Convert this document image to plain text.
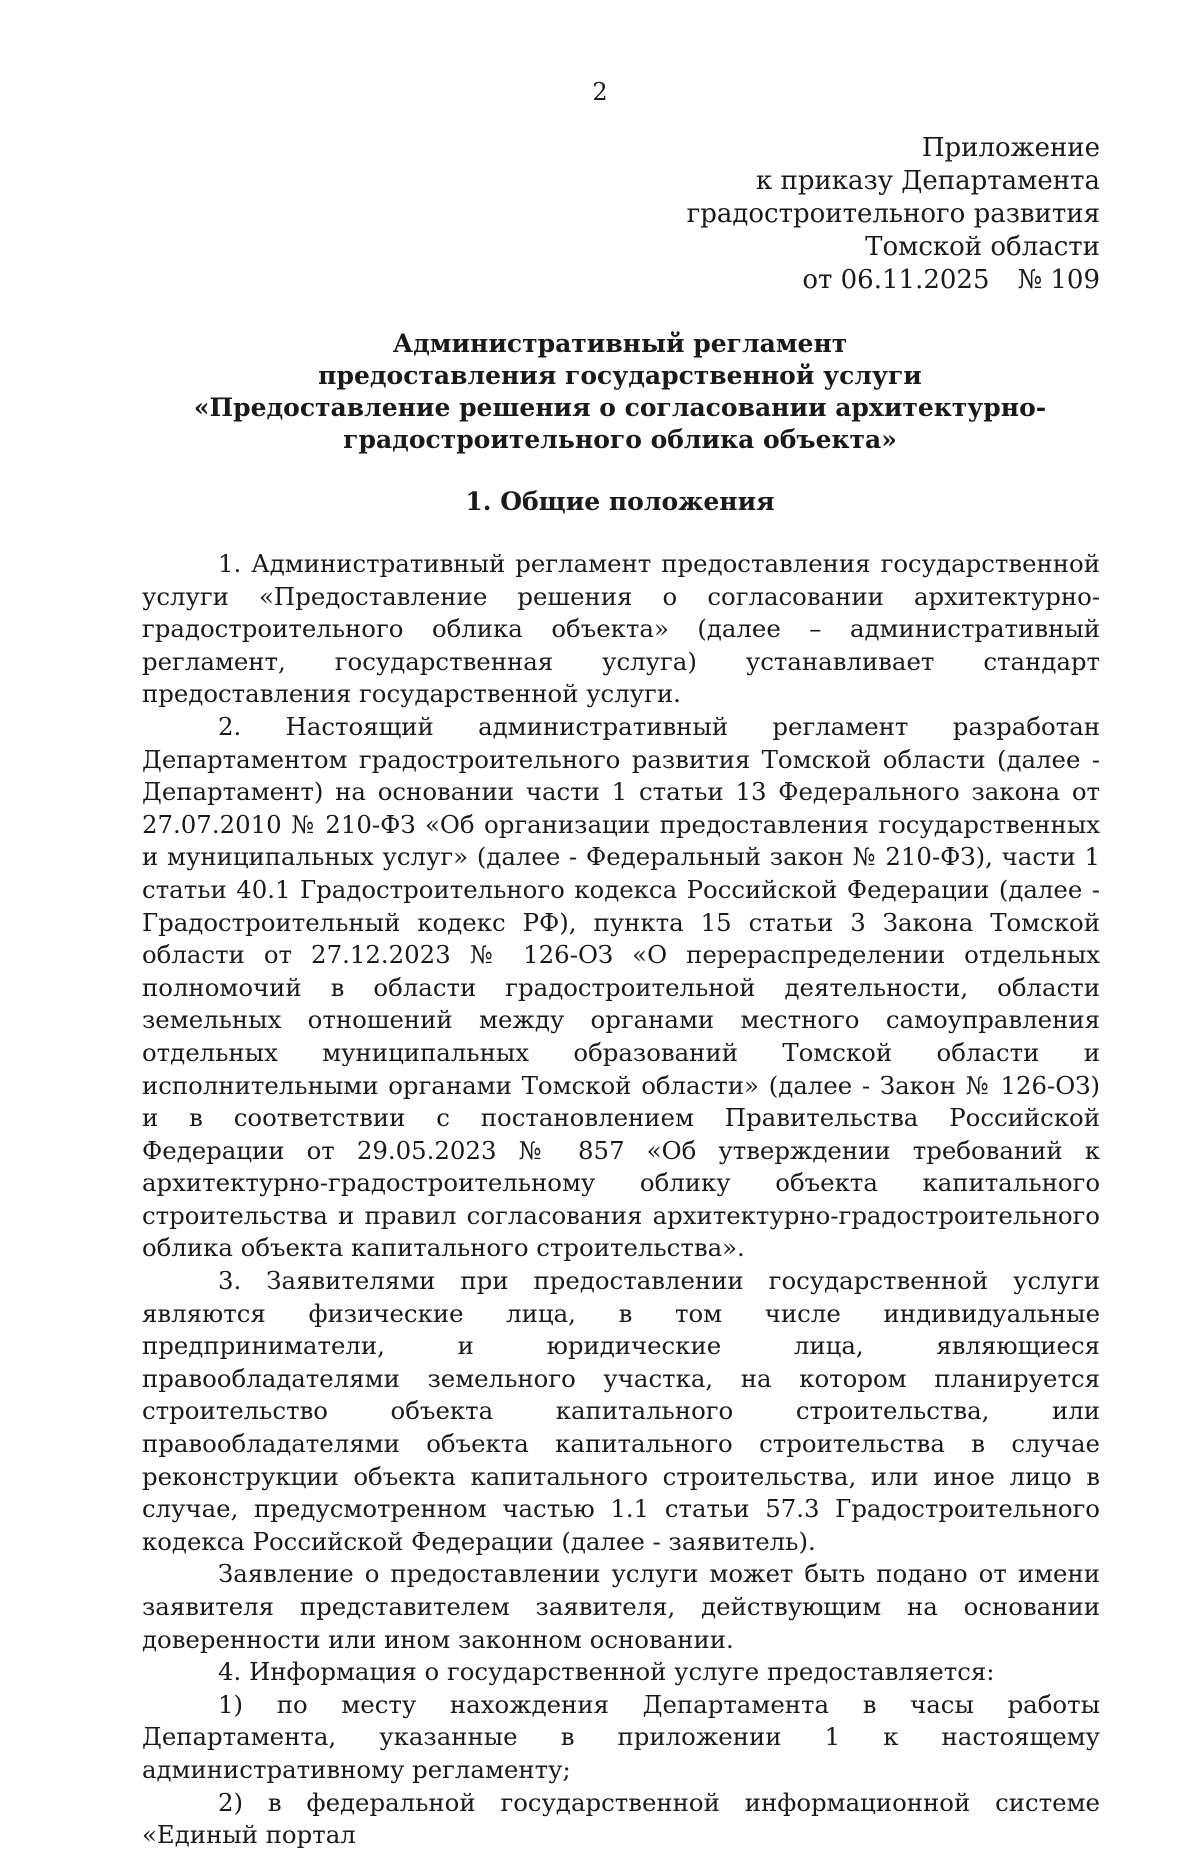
2
Приложение
к приказу Департамента
градостроительного развития
Томской области
от 06.11.2025 № 109
Административный регламент
предоставления государственной услуги
«Предоставление решения о согласовании архитектурно-
градостроительного облика объекта»
1. Общие положения

1. Административный регламент предоставления государственной услуги «Предоставление решения о согласовании архитектурно-градостроительного облика объекта» (далее – административный регламент, государственная услуга) устанавливает стандарт предоставления государственной услуги.

2. Настоящий административный регламент разработан Департаментом градостроительного развития Томской области (далее - Департамент) на основании части 1 статьи 13 Федерального закона от 27.07.2010 № 210-ФЗ «Об организации предоставления государственных и муниципальных услуг» (далее - Федеральный закон № 210-ФЗ), части 1 статьи 40.1 Градостроительного кодекса Российской Федерации (далее - Градостроительный кодекс РФ), пункта 15 статьи 3 Закона Томской области от 27.12.2023 № 126-ОЗ «О перераспределении отдельных полномочий в области градостроительной деятельности, области земельных отношений между органами местного самоуправления отдельных муниципальных образований Томской области и исполнительными органами Томской области» (далее - Закон № 126-ОЗ) и в соответствии с постановлением Правительства Российской Федерации от 29.05.2023 № 857 «Об утверждении требований к архитектурно-градостроительному облику объекта капитального строительства и правил согласования архитектурно-градостроительного облика объекта капитального строительства».

3. Заявителями при предоставлении государственной услуги являются физические лица, в том числе индивидуальные предприниматели, и юридические лица, являющиеся правообладателями земельного участка, на котором планируется строительство объекта капитального строительства, или правообладателями объекта капитального строительства в случае реконструкции объекта капитального строительства, или иное лицо в случае, предусмотренном частью 1.1 статьи 57.3 Градостроительного кодекса Российской Федерации (далее - заявитель).

Заявление о предоставлении услуги может быть подано от имени заявителя представителем заявителя, действующим на основании доверенности или ином законном основании.

4. Информация о государственной услуге предоставляется:

1) по месту нахождения Департамента в часы работы Департамента, указанные в приложении 1 к настоящему административному регламенту;

2) в федеральной государственной информационной системе «Единый портал
